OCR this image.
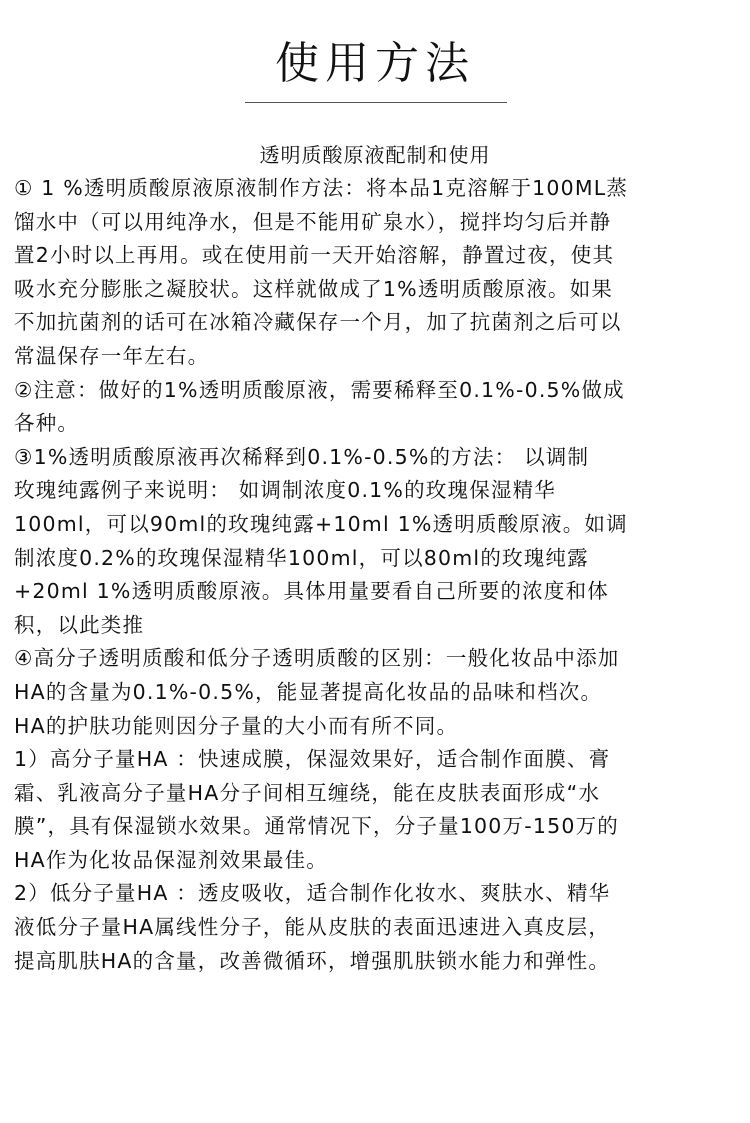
使用方法
透明质酸原液配制和使用
① 1 %透明质酸原液原液制作方法：将本品1克溶解于100ML蒸
馏水中（可以用纯净水，但是不能用矿泉水），搅拌均匀后并静
置2小时以上再用。或在使用前一天开始溶解，静置过夜，使其
吸水充分膨胀之凝胶状。这样就做成了1%透明质酸原液。如果
不加抗菌剂的话可在冰箱冷藏保存一个月，加了抗菌剂之后可以
常温保存一年左右。
②注意：做好的1%透明质酸原液，需要稀释至0.1%-0.5%做成
各种。
③1%透明质酸原液再次稀释到0.1%-0.5%的方法： 以调制
玫瑰纯露例子来说明： 如调制浓度0.1%的玫瑰保湿精华
100ml，可以90ml的玫瑰纯露+10ml 1%透明质酸原液。如调
制浓度0.2%的玫瑰保湿精华100ml，可以80ml的玫瑰纯露
+20ml 1%透明质酸原液。具体用量要看自己所要的浓度和体
积，以此类推
④高分子透明质酸和低分子透明质酸的区别：一般化妆品中添加
HA的含量为0.1%-0.5%，能显著提高化妆品的品味和档次。
HA的护肤功能则因分子量的大小而有所不同。
1）高分子量HA ：快速成膜，保湿效果好，适合制作面膜、膏
霜、乳液高分子量HA分子间相互缠绕，能在皮肤表面形成“水
膜”，具有保湿锁水效果。通常情况下，分子量100万-150万的
HA作为化妆品保湿剂效果最佳。
2）低分子量HA ：透皮吸收，适合制作化妆水、爽肤水、精华
液低分子量HA属线性分子，能从皮肤的表面迅速进入真皮层，
提高肌肤HA的含量，改善微循环，增强肌肤锁水能力和弹性。
